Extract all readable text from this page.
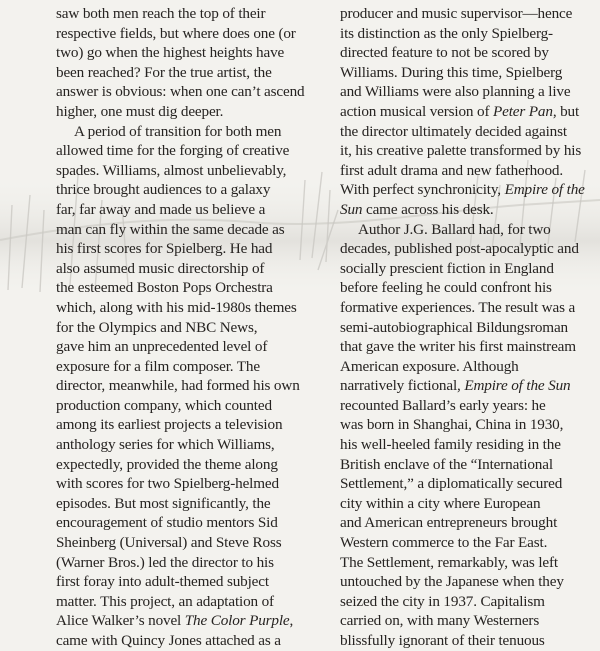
saw both men reach the top of their
respective fields, but where does one (or
two) go when the highest heights have
been reached? For the true artist, the
answer is obvious: when one can’t ascend
higher, one must dig deeper.
A period of transition for both men
allowed time for the forging of creative
spades. Williams, almost unbelievably,
thrice brought audiences to a galaxy
far, far away and made us believe a
man can fly within the same decade as
his first scores for Spielberg. He had
also assumed music directorship of
the esteemed Boston Pops Orchestra
which, along with his mid-1980s themes
for the Olympics and NBC News,
gave him an unprecedented level of
exposure for a film composer. The
director, meanwhile, had formed his own
production company, which counted
among its earliest projects a television
anthology series for which Williams,
expectedly, provided the theme along
with scores for two Spielberg-helmed
episodes. But most significantly, the
encouragement of studio mentors Sid
Sheinberg (Universal) and Steve Ross
(Warner Bros.) led the director to his
first foray into adult-themed subject
matter. This project, an adaptation of
Alice Walker’s novel The Color Purple,
came with Quincy Jones attached as a
producer and music supervisor—hence
its distinction as the only Spielberg-
directed feature to not be scored by
Williams. During this time, Spielberg
and Williams were also planning a live
action musical version of Peter Pan, but
the director ultimately decided against
it, his creative palette transformed by his
first adult drama and new fatherhood.
With perfect synchronicity, Empire of the
Sun came across his desk.
Author J.G. Ballard had, for two
decades, published post-apocalyptic and
socially prescient fiction in England
before feeling he could confront his
formative experiences. The result was a
semi-autobiographical Bildungsroman
that gave the writer his first mainstream
American exposure. Although
narratively fictional, Empire of the Sun
recounted Ballard’s early years: he
was born in Shanghai, China in 1930,
his well-heeled family residing in the
British enclave of the “International
Settlement,” a diplomatically secured
city within a city where European
and American entrepreneurs brought
Western commerce to the Far East.
The Settlement, remarkably, was left
untouched by the Japanese when they
seized the city in 1937. Capitalism
carried on, with many Westerners
blissfully ignorant of their tenuous
